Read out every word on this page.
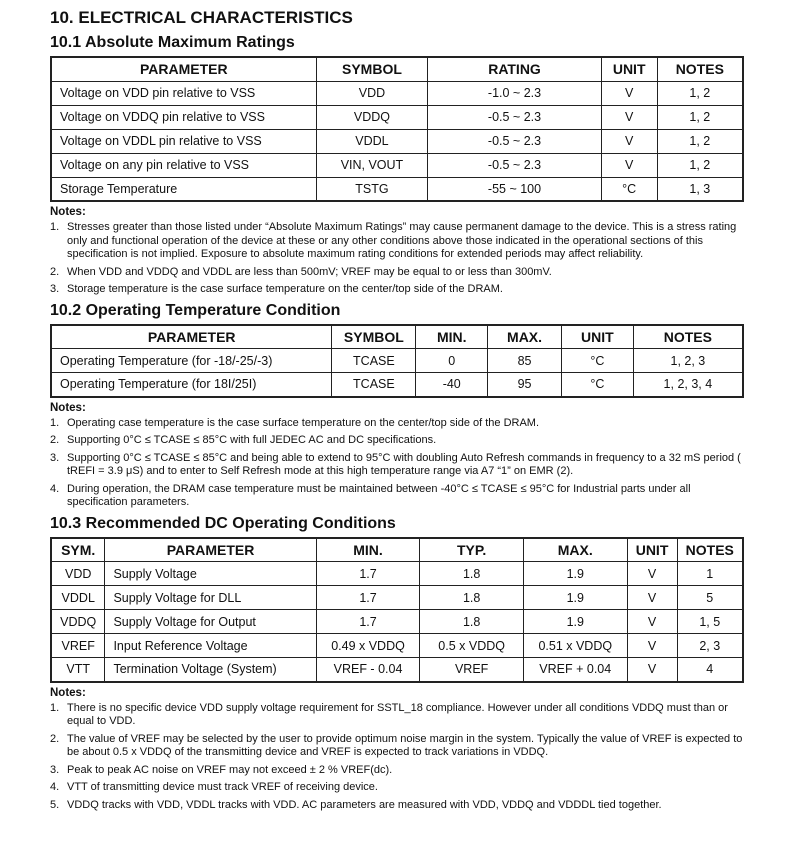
10. ELECTRICAL CHARACTERISTICS
10.1 Absolute Maximum Ratings
PARAMETER	SYMBOL	RATING	UNIT	NOTES
Voltage on VDD pin relative to VSS	VDD	-1.0 ~ 2.3	V	1, 2
Voltage on VDDQ pin relative to VSS	VDDQ	-0.5 ~ 2.3	V	1, 2
Voltage on VDDL pin relative to VSS	VDDL	-0.5 ~ 2.3	V	1, 2
Voltage on any pin relative to VSS	VIN, VOUT	-0.5 ~ 2.3	V	1, 2
Storage Temperature	TSTG	-55 ~ 100	°C	1, 3
Notes:
1. Stresses greater than those listed under “Absolute Maximum Ratings” may cause permanent damage to the device. This is a stress rating only and functional operation of the device at these or any other conditions above those indicated in the operational sections of this specification is not implied. Exposure to absolute maximum rating conditions for extended periods may affect reliability.
2. When VDD and VDDQ and VDDL are less than 500mV; VREF may be equal to or less than 300mV.
3. Storage temperature is the case surface temperature on the center/top side of the DRAM.
10.2 Operating Temperature Condition
PARAMETER	SYMBOL	MIN.	MAX.	UNIT	NOTES
Operating Temperature (for -18/-25/-3)	TCASE	0	85	°C	1, 2, 3
Operating Temperature (for 18I/25I)	TCASE	-40	95	°C	1, 2, 3, 4
Notes:
1. Operating case temperature is the case surface temperature on the center/top side of the DRAM.
2. Supporting 0°C ≤ TCASE ≤ 85°C with full JEDEC AC and DC specifications.
3. Supporting 0°C ≤ TCASE ≤ 85°C and being able to extend to 95°C with doubling Auto Refresh commands in frequency to a 32 mS period ( tREFI = 3.9 μS) and to enter to Self Refresh mode at this high temperature range via A7 “1” on EMR (2).
4. During operation, the DRAM case temperature must be maintained between -40°C ≤ TCASE ≤ 95°C for Industrial parts under all specification parameters.
10.3 Recommended DC Operating Conditions
SYM.	PARAMETER	MIN.	TYP.	MAX.	UNIT	NOTES
VDD	Supply Voltage	1.7	1.8	1.9	V	1
VDDL	Supply Voltage for DLL	1.7	1.8	1.9	V	5
VDDQ	Supply Voltage for Output	1.7	1.8	1.9	V	1, 5
VREF	Input Reference Voltage	0.49 x VDDQ	0.5 x VDDQ	0.51 x VDDQ	V	2, 3
VTT	Termination Voltage (System)	VREF - 0.04	VREF	VREF + 0.04	V	4
Notes:
1. There is no specific device VDD supply voltage requirement for SSTL_18 compliance. However under all conditions VDDQ must than or equal to VDD.
2. The value of VREF may be selected by the user to provide optimum noise margin in the system. Typically the value of VREF is expected to be about 0.5 x VDDQ of the transmitting device and VREF is expected to track variations in VDDQ.
3. Peak to peak AC noise on VREF may not exceed ± 2 % VREF(dc).
4. VTT of transmitting device must track VREF of receiving device.
5. VDDQ tracks with VDD, VDDL tracks with VDD. AC parameters are measured with VDD, VDDQ and VDDDL tied together.
